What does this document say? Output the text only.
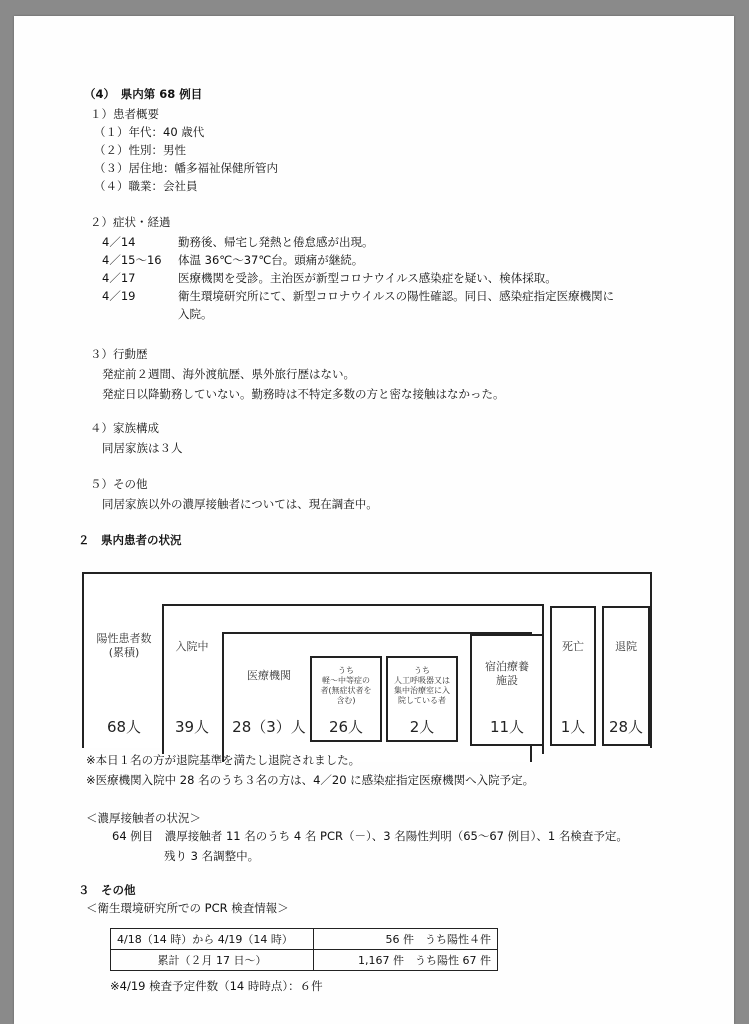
（4）　県内第 68 例目
１）患者概要
（１）年代：40 歳代
（２）性別：男性
（３）居住地：幡多福祉保健所管内
（４）職業：会社員
２）症状・経過
4／14	勤務後、帰宅し発熱と倦怠感が出現。
4／15～16 体温 36℃～37℃台。頭痛が継続。
4／17	医療機関を受診。主治医が新型コロナウイルス感染症を疑い、検体採取。
4／19	衛生環境研究所にて、新型コロナウイルスの陽性確認。同日、感染症指定医療機関に
入院。
３）行動歴
発症前２週間、海外渡航歴、県外旅行歴はない。
発症日以降勤務していない。勤務時は不特定多数の方と密な接触はなかった。
４）家族構成
同居家族は３人
５）その他
同居家族以外の濃厚接触者については、現在調査中。
２　県内患者の状況
陽性患者数
(累積)
68人
入院中
39人
医療機関
28（3）人
うち
軽～中等症の
者(無症状者を
含む)
26人
うち
人工呼吸器又は
集中治療室に入
院している者
2人
宿泊療養
施設
11人
死亡
1人
退院
28人
※本日１名の方が退院基準を満たし退院されました。
※医療機関入院中 28 名のうち３名の方は、4／20 に感染症指定医療機関へ入院予定。
＜濃厚接触者の状況＞
64 例目　濃厚接触者 11 名のうち 4 名 PCR（－）、3 名陽性判明（65～67 例目）、1 名検査予定。
残り 3 名調整中。
３　その他
＜衛生環境研究所での PCR 検査情報＞
4/18（14 時）から 4/19（14 時）	56 件　うち陽性４件
累計（２月 17 日～）	1,167 件　うち陽性 67 件
※4/19 検査予定件数（14 時時点）：６件
